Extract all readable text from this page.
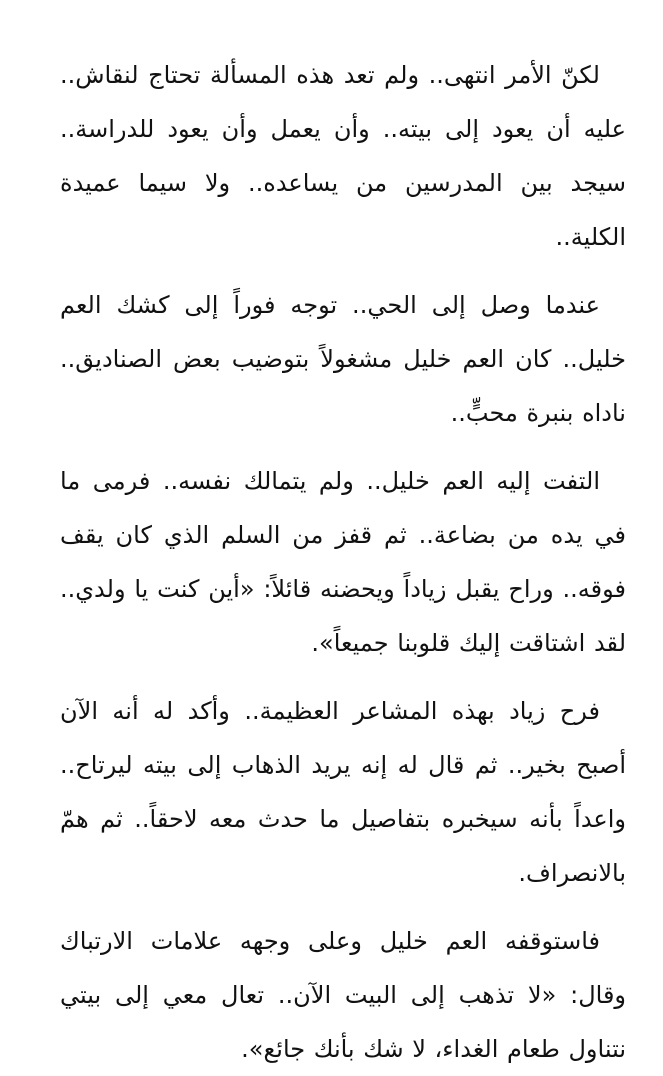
لكنّ الأمر انتهى.. ولم تعد هذه المسألة تحتاج لنقاش.. عليه أن يعود إلى بيته.. وأن يعمل وأن يعود للدراسة.. سيجد بين المدرسين من يساعده.. ولا سيما عميدة الكلية..

عندما وصل إلى الحي.. توجه فوراً إلى كشك العم خليل.. كان العم خليل مشغولاً بتوضيب بعض الصناديق.. ناداه بنبرة محبٍّ..

التفت إليه العم خليل.. ولم يتمالك نفسه.. فرمى ما في يده من بضاعة.. ثم قفز من السلم الذي كان يقف فوقه.. وراح يقبل زياداً ويحضنه قائلاً: «أين كنت يا ولدي.. لقد اشتاقت إليك قلوبنا جميعاً».

فرح زياد بهذه المشاعر العظيمة.. وأكد له أنه الآن أصبح بخير.. ثم قال له إنه يريد الذهاب إلى بيته ليرتاح.. واعداً بأنه سيخبره بتفاصيل ما حدث معه لاحقاً.. ثم همّ بالانصراف.

فاستوقفه العم خليل وعلى وجهه علامات الارتباك وقال: «لا تذهب إلى البيت الآن.. تعال معي إلى بيتي نتناول طعام الغداء، لا شك بأنك جائع».
